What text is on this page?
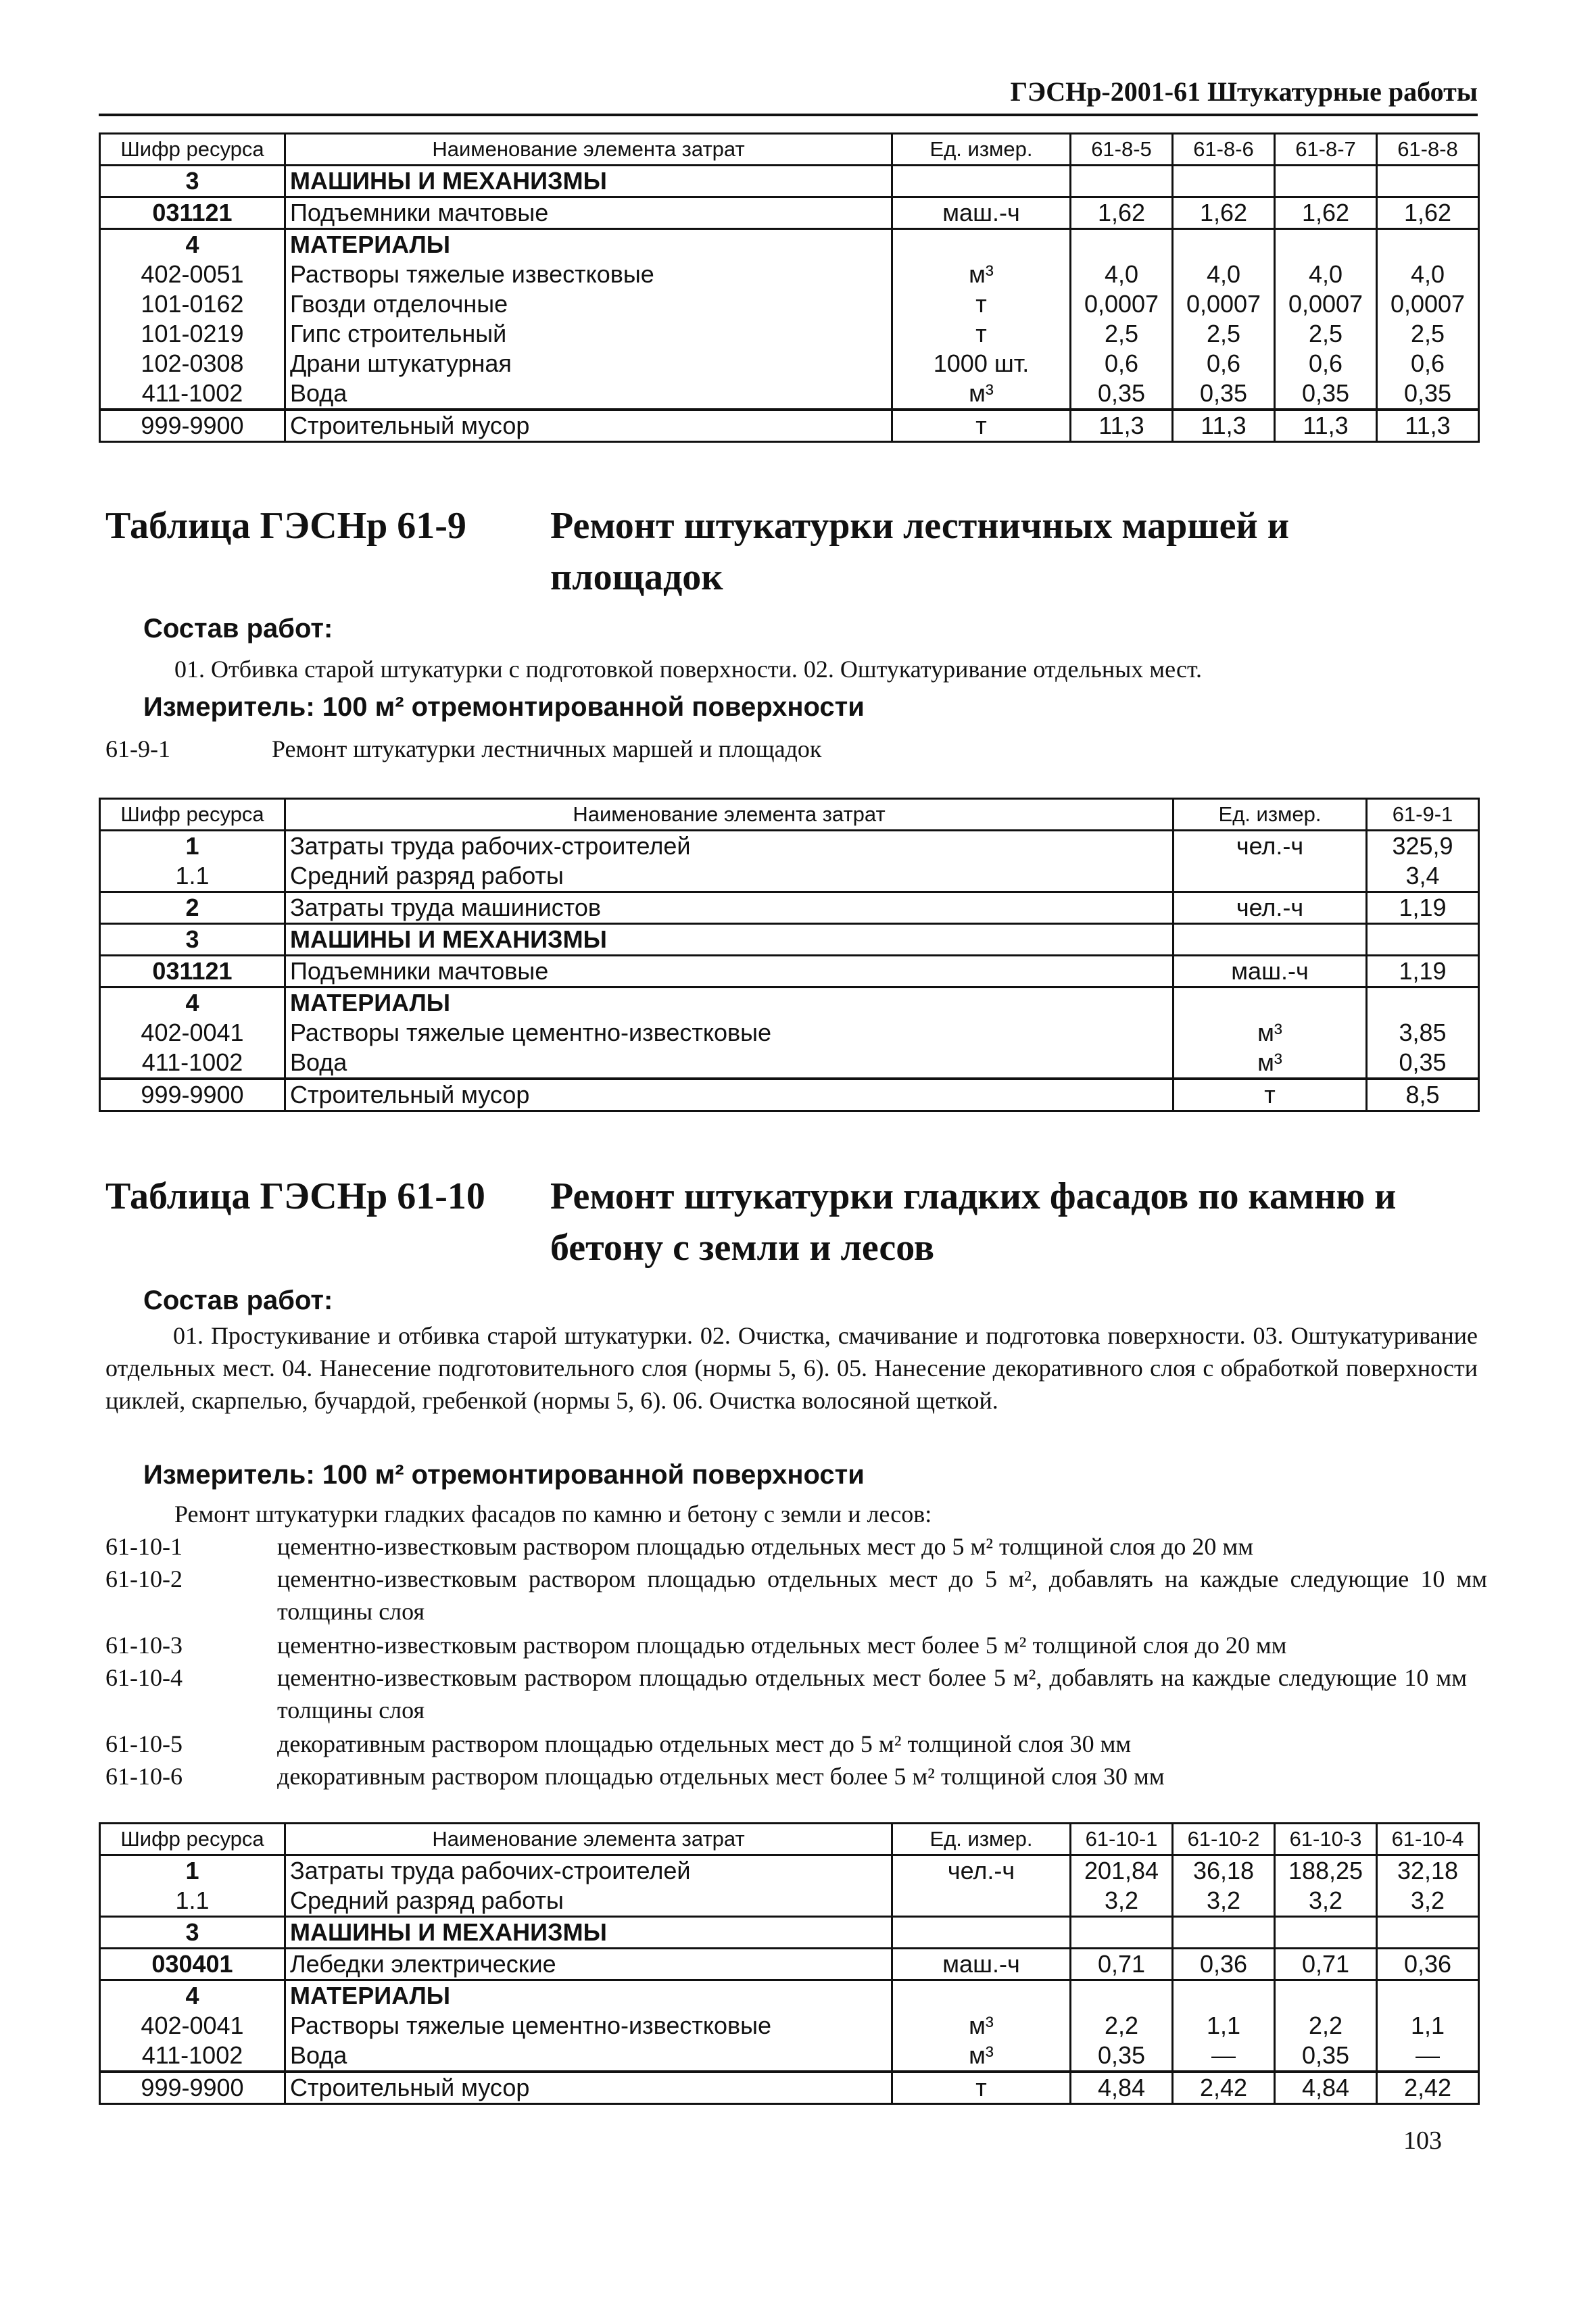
ГЭСНр-2001-61 Штукатурные работы
Шифр ресурса	Наименование элемента затрат	Ед. измер.	61-8-5	61-8-6	61-8-7	61-8-8
3	МАШИНЫ И МЕХАНИЗМЫ					
031121	Подъемники мачтовые	маш.-ч	1,62	1,62	1,62	1,62
4	МАТЕРИАЛЫ					
402-0051	Растворы тяжелые известковые	м³	4,0	4,0	4,0	4,0
101-0162	Гвозди отделочные	т	0,0007	0,0007	0,0007	0,0007
101-0219	Гипс строительный	т	2,5	2,5	2,5	2,5
102-0308	Драни штукатурная	1000 шт.	0,6	0,6	0,6	0,6
411-1002	Вода	м³	0,35	0,35	0,35	0,35
999-9900	Строительный мусор	т	11,3	11,3	11,3	11,3
Таблица ГЭСНр 61-9 Ремонт штукатурки лестничных маршей и площадок
Состав работ:
01. Отбивка старой штукатурки с подготовкой поверхности. 02. Оштукатуривание отдельных мест.
Измеритель: 100 м² отремонтированной поверхности
61-9-1	Ремонт штукатурки лестничных маршей и площадок
Шифр ресурса	Наименование элемента затрат	Ед. измер.	61-9-1
1	Затраты труда рабочих-строителей	чел.-ч	325,9
1.1	Средний разряд работы		3,4
2	Затраты труда машинистов	чел.-ч	1,19
3	МАШИНЫ И МЕХАНИЗМЫ		
031121	Подъемники мачтовые	маш.-ч	1,19
4	МАТЕРИАЛЫ		
402-0041	Растворы тяжелые цементно-известковые	м³	3,85
411-1002	Вода	м³	0,35
999-9900	Строительный мусор	т	8,5
Таблица ГЭСНр 61-10 Ремонт штукатурки гладких фасадов по камню и бетону с земли и лесов
Состав работ:
01. Простукивание и отбивка старой штукатурки. 02. Очистка, смачивание и подготовка поверхности. 03. Оштукатуривание отдельных мест. 04. Нанесение подготовительного слоя (нормы 5, 6). 05. Нанесение декоративного слоя с обработкой поверхности циклей, скарпелью, бучардой, гребенкой (нормы 5, 6). 06. Очистка волосяной щеткой.
Измеритель: 100 м² отремонтированной поверхности
Ремонт штукатурки гладких фасадов по камню и бетону с земли и лесов:
61-10-1	цементно-известковым раствором площадью отдельных мест до 5 м² толщиной слоя до 20 мм
61-10-2	цементно-известковым раствором площадью отдельных мест до 5 м², добавлять на каждые следующие 10 мм толщины слоя
61-10-3	цементно-известковым раствором площадью отдельных мест более 5 м² толщиной слоя до 20 мм
61-10-4	цементно-известковым раствором площадью отдельных мест более 5 м², добавлять на каждые следующие 10 мм толщины слоя
61-10-5	декоративным раствором площадью отдельных мест до 5 м² толщиной слоя 30 мм
61-10-6	декоративным раствором площадью отдельных мест более 5 м² толщиной слоя 30 мм
Шифр ресурса	Наименование элемента затрат	Ед. измер.	61-10-1	61-10-2	61-10-3	61-10-4
1	Затраты труда рабочих-строителей	чел.-ч	201,84	36,18	188,25	32,18
1.1	Средний разряд работы		3,2	3,2	3,2	3,2
3	МАШИНЫ И МЕХАНИЗМЫ					
030401	Лебедки электрические	маш.-ч	0,71	0,36	0,71	0,36
4	МАТЕРИАЛЫ					
402-0041	Растворы тяжелые цементно-известковые	м³	2,2	1,1	2,2	1,1
411-1002	Вода	м³	0,35	—	0,35	—
999-9900	Строительный мусор	т	4,84	2,42	4,84	2,42
103
